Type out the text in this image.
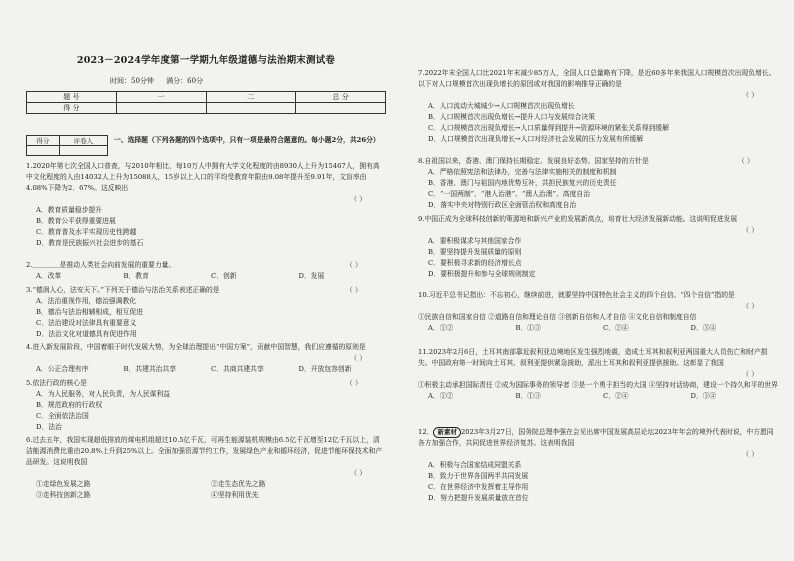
2023－2024学年度第一学期九年级道德与法治期末测试卷
时间：50分钟 满分：60分
题 号	一	二	总 分
得 分			
得分	评卷人
		一、选择题（下列各题的四个选项中，只有一项是最符合题意的。每小题2分，共26分）
1.2020年第七次全国人口普查，与2010年相比，每10万人中拥有大学文化程度的由8930人上升为15467人，拥有高中文化程度的人由14032人上升为15088人，15岁以上人口的平均受教育年限由9.08年提升至9.91年，文盲率由4.08%下降为2．67%。这反映出
（ ）
A．教育质量稳步提升
B．教育公平获得重要进展
C．教育普及水平实现历史性跨越
D．教育是民族振兴社会进步的基石
2.＿＿＿＿是推动人类社会向前发展的重要力量。	（ ）
A．改革	B．教育	C．创新	D．发展
3.“德润人心，法安天下。”下列关于德治与法治关系表述正确的是	（ ）
A．法治重视作用，德治强调教化
B．德治与法治相辅相成，相互促进
C．法治建设对法律具有重要意义
D．法治文化对道德具有促进作用
4.进入新发展阶段，中国着眼于时代发展大势，为全球治理提出“中国方案”，贡献中国智慧，我们应遵循的原则是
（ ）
A．公正合理有序	B．共建共治共享	C．共商共建共享	D．开放包容创新
5.依法行政的核心是	（ ）
A．为人民服务，对人民负责，为人民谋利益
B．规范政府的行政权
C．全面依法治国
D．法治
6.过去五年，我国实现超低排放的煤电机组超过10.5亿千瓦，可再生能源装机规模由6.5亿千瓦增至12亿千瓦以上，清洁能源消费比重由20.8%上升到25%以上。全面加强资源节约工作，发展绿色产业和循环经济，促进节能环保技术和产品研发。这说明我国
（ ）
①走绿色发展之路	②走生态优先之路
③走科技创新之路	④坚持利用优先
7.2022年末全国人口比2021年末减少85万人，全国人口总量略有下降，是近60多年来我国人口规模首次出现负增长。以下对人口规模首次出现负增长的原因或对我国的影响推导正确的是
（ ）
A．人口流动大城城少→人口规模首次出现负增长
B．人口规模首次出现负增长→提升人口与发展综合决策
C．人口规模首次出现负增长→人口质量得到提升→资源环境的紧张关系得到缓解
D．人口规模首次出现负增长→人口对经济社会发展的压力发展有所缓解
8.自祖国以来，香港、澳门保持长期稳定、发展良好态势。国家坚持的方针是	（ ）
A．严格依照宪法和法律办，完善与法律实施相关的制度和机制
B．香港、澳门与祖国内地优势互补，共担民族复兴的历史责任
C．“一国两制”、“港人治港”、“澳人治澳”、高度自治
D．落实中央对特别行政区全面管治权和高度自治
9.中国正成为全球科技创新的策源地和新兴产业的发展新高点，培育壮大经济发展新动能。这说明促进发展
（ ）
A．要积极谋求与其他国家合作
B．要坚持提升发展质量的原则
C．要积极寻求新的经济增长点
D．要积极提升和参与全球规则制定
10.习近平总书记指出：不忘初心，继续前进，就要坚持中国特色社会主义的四个自信。“四个自信”指的是
（ ）
①民族自信和国家自信 ②道路自信和理论自信 ③创新自信和人才自信 ④文化自信和制度自信
A．①②	B．①③	C．②④	D．③④
11.2023年2月6日，土耳其南部靠近叙利亚边境地区发生强烈地震，造成土耳其和叙利亚两国重大人员伤亡和财产损失。中国政府第一时间向土耳其、叙利亚提供紧急援助，派出土耳其和叙利亚提供援助。这彰显了我国
（ ）
①积极主动承担国际责任 ②成为国际事务的领导者 ③是一个勇于担当的大国 ④坚持对话协商，建设一个持久和平的世界
A．①②	B．①③	C．②④	D．③④
12． 新素材 2023年3月27日，国务院总理李强在会见出席中国发展高层论坛2023年年会的境外代表时说，中方愿同各方加强合作，共同促进世界经济复苏。这表明我国
（ ）
A．积极与合国家结成同盟关系
B．致力于世界各国两半共同发展
C．在世界经济中发挥着主导作用
D．努力把提升发展质量放在首位
